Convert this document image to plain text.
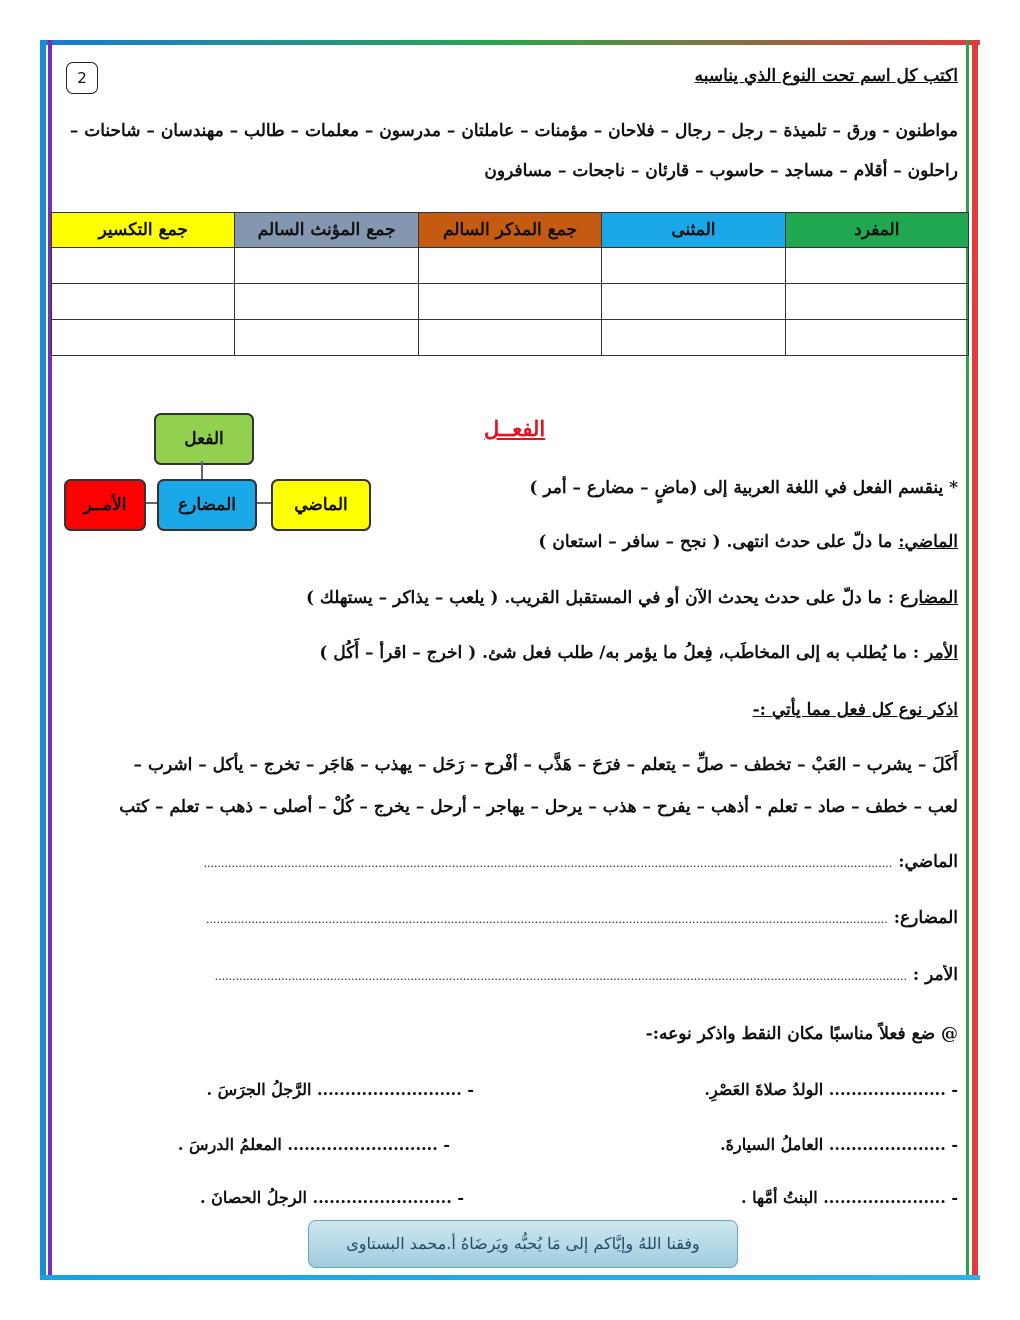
2	اكتب كل اسم تحت النوع الذي يناسبه
مواطنون - ورق – تلميذة – رجل – رجال – فلاحان – مؤمنات – عاملتان – مدرسون – معلمات – طالب – مهندسان – شاحنات –
راحلون – أقلام – مساجد – حاسوب – قارئان – ناجحات – مسافرون
المفرد	المثنى	جمع المذكر السالم	جمع المؤنث السالم	جمع التكسير

الفعــل
الفعل
الماضي
المضارع
الأمــر
* ينقسم الفعل في اللغة العربية إلى (ماضٍ – مضارع – أمر )
الماضي: ما دلّ على حدث انتهى. ( نجح – سافر – استعان )
المضارع : ما دلّ على حدث يحدث الآن أو في المستقبل القريب. ( يلعب – يذاكر – يستهلك )
الأمر : ما يُطلب به إلى المخاطَب، فِعلُ ما يؤمر به/ طلب فعل شئ. ( اخرج – اقرأ – أَكُل )
اذكر نوع كل فعل مما يأتي :-
أَكَلَ – يشرب – العَبْ – تخطف – صلِّ – يتعلم – فرَحَ – هَذَّب – أفْرح – رَحَل – يهذب – هَاجَر – تخرج – يأكل – اشرب –
لعب – خطف – صاد – تعلم - أذهب – يفرح – هذب – يرحل – يهاجر – أرحل – يخرج – كُلْ – أصلى – ذهب – تعلم – كتب
الماضي: .....................................................................................................................................................................................................
المضارع: ...................................................................................................................................................................................................
الأمر : ......................................................................................................................................................................................................
@ ضع فعلاً مناسبًا مكان النقط واذكر نوعه:-
- ..................... الولدُ صلاةَ العَصْرِ.
- ..................... العاملُ السيارةَ.
- ...................... البنتُ أمَّها .
- .......................... الرَّجلُ الجرَسَ .
- ........................... المعلمُ الدرسَ .
- ......................... الرجلُ الحصانَ .
وفقنا اللهُ وإيَّاكم إلى مَا يُحبُّه ويَرضَاهُ أ.محمد البستاوى
